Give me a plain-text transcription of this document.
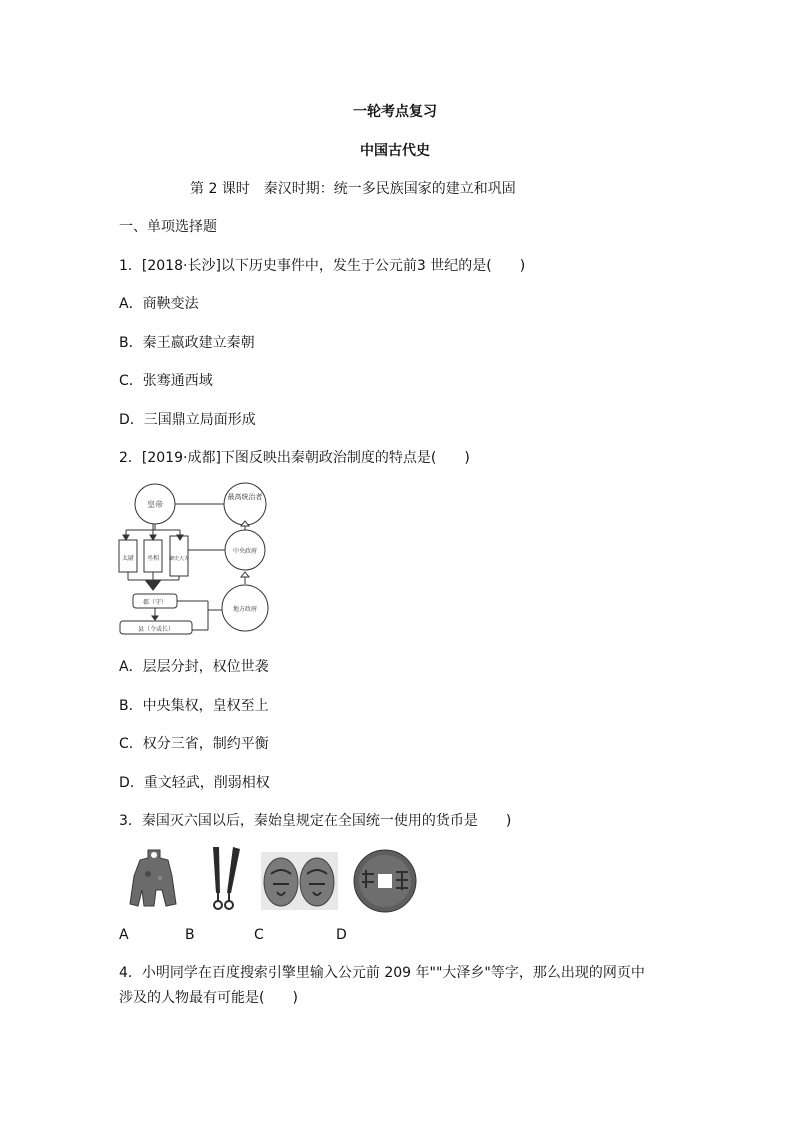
一轮考点复习
中国古代史
第 2 课时　秦汉时期：统一多民族国家的建立和巩固
一、单项选择题
1．[2018·长沙]以下历史事件中，发生于公元前3 世纪的是(　　)
A．商鞅变法
B．秦王嬴政建立秦朝
C．张骞通西域
D．三国鼎立局面形成
2．[2019·成都]下图反映出秦朝政治制度的特点是(　　)
皇帝
最高统治者
太尉 丞相 御史大夫
中央政府
郡（守）
县（令或长）
地方政府
A．层层分封，权位世袭
B．中央集权，皇权至上
C．权分三省，制约平衡
D．重文轻武，削弱相权
3．秦国灭六国以后，秦始皇规定在全国统一使用的货币是　　)
A	B	C	D
4．小明同学在百度搜索引擎里输入公元前 209 年""大泽乡"等字，那么出现的网页中
涉及的人物最有可能是(　　)
